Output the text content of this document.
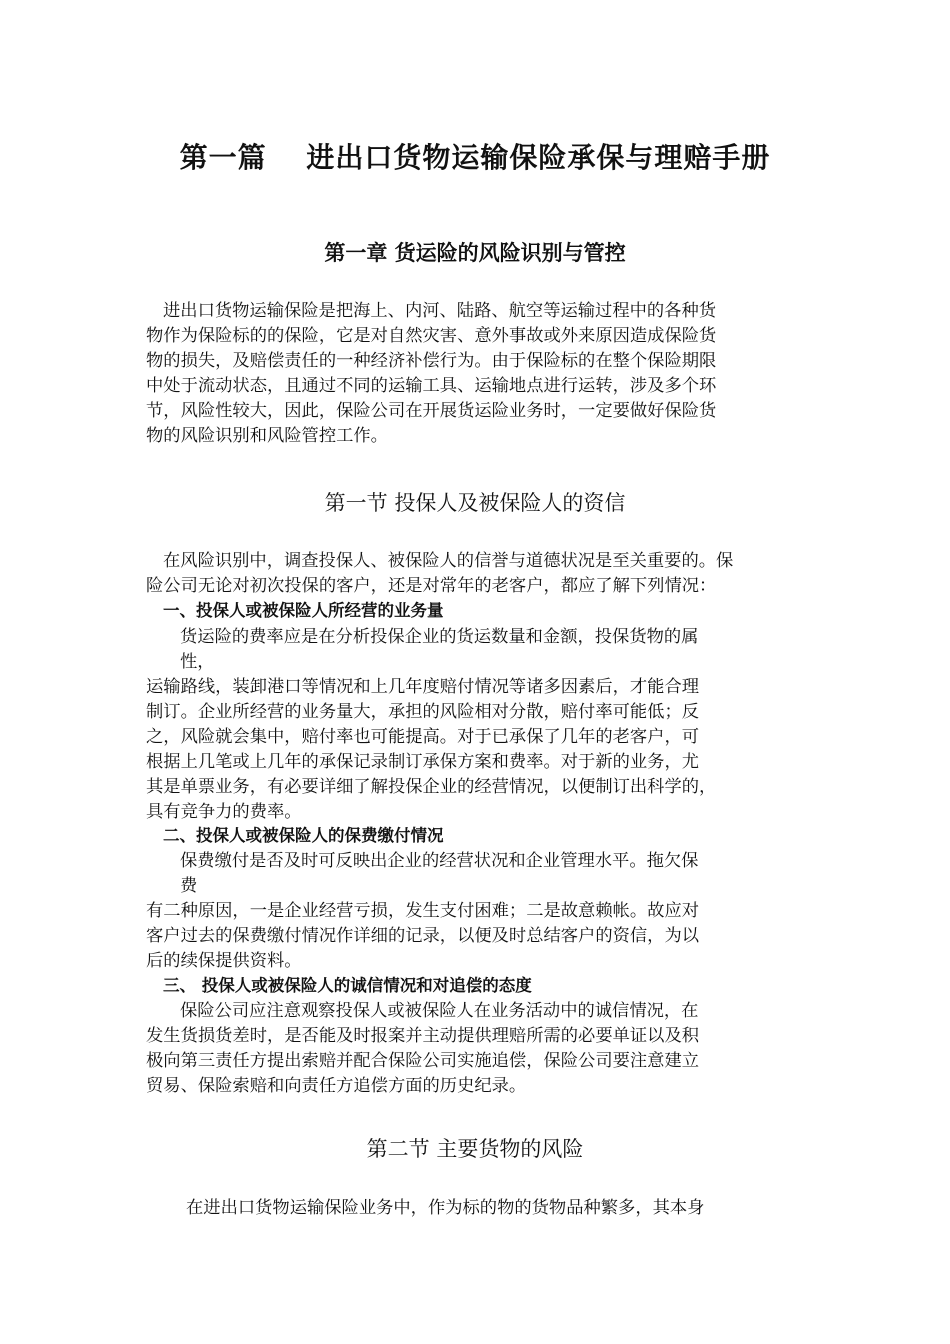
第一篇　 进出口货物运输保险承保与理赔手册
第一章 货运险的风险识别与管控
进出口货物运输保险是把海上、内河、陆路、航空等运输过程中的各种货
物作为保险标的的保险，它是对自然灾害、意外事故或外来原因造成保险货
物的损失，及赔偿责任的一种经济补偿行为。由于保险标的在整个保险期限
中处于流动状态，且通过不同的运输工具、运输地点进行运转，涉及多个环
节，风险性较大，因此，保险公司在开展货运险业务时，一定要做好保险货
物的风险识别和风险管控工作。
第一节 投保人及被保险人的资信
在风险识别中，调查投保人、被保险人的信誉与道德状况是至关重要的。保
险公司无论对初次投保的客户，还是对常年的老客户，都应了解下列情况：
一、投保人或被保险人所经营的业务量
货运险的费率应是在分析投保企业的货运数量和金额，投保货物的属
性，
运输路线，装卸港口等情况和上几年度赔付情况等诸多因素后，才能合理
制订。企业所经营的业务量大，承担的风险相对分散，赔付率可能低；反
之，风险就会集中，赔付率也可能提高。对于已承保了几年的老客户，可
根据上几笔或上几年的承保记录制订承保方案和费率。对于新的业务，尤
其是单票业务，有必要详细了解投保企业的经营情况，以便制订出科学的，
具有竞争力的费率。
二、投保人或被保险人的保费缴付情况
保费缴付是否及时可反映出企业的经营状况和企业管理水平。拖欠保
费
有二种原因，一是企业经营亏损，发生支付困难；二是故意赖帐。故应对
客户过去的保费缴付情况作详细的记录，以便及时总结客户的资信，为以
后的续保提供资料。
三、 投保人或被保险人的诚信情况和对追偿的态度
保险公司应注意观察投保人或被保险人在业务活动中的诚信情况，在
发生货损货差时，是否能及时报案并主动提供理赔所需的必要单证以及积
极向第三责任方提出索赔并配合保险公司实施追偿，保险公司要注意建立
贸易、保险索赔和向责任方追偿方面的历史纪录。
第二节 主要货物的风险
在进出口货物运输保险业务中，作为标的物的货物品种繁多，其本身
